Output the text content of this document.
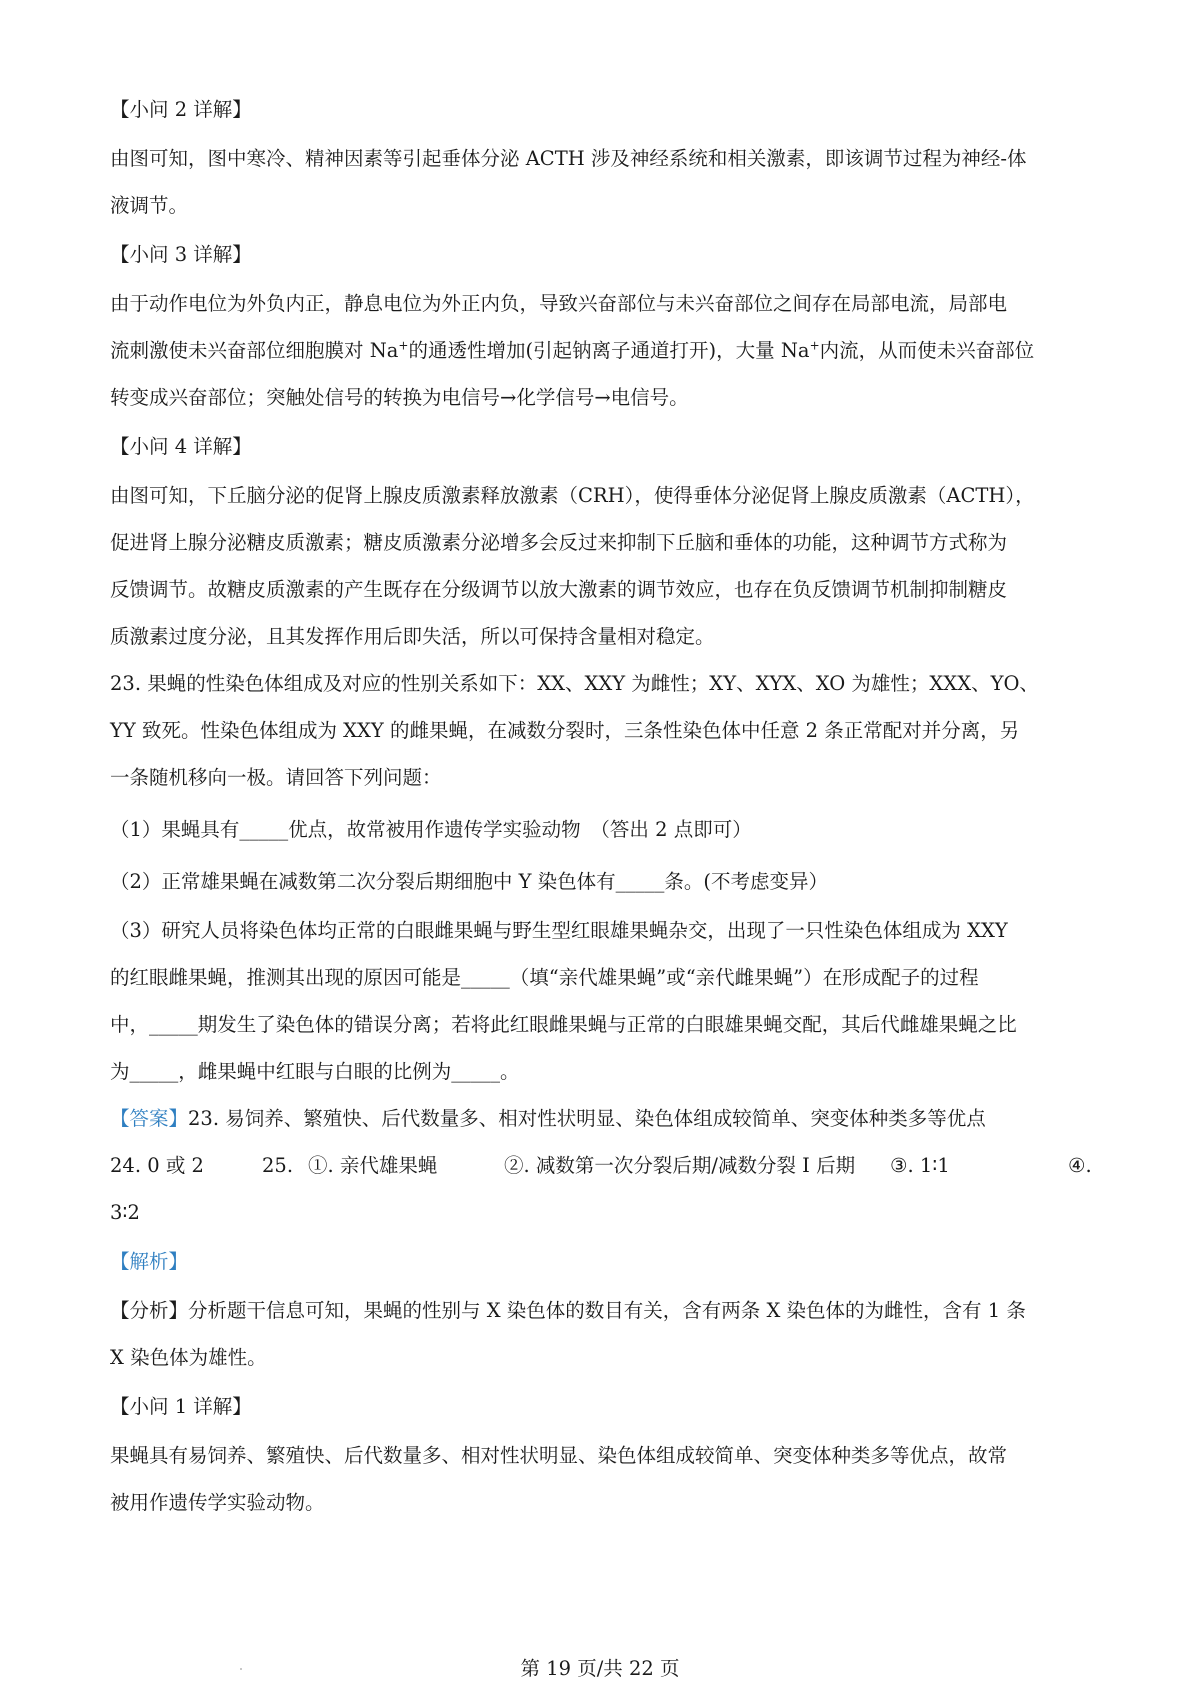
【小问 2 详解】

由图可知，图中寒冷、精神因素等引起垂体分泌 ACTH 涉及神经系统和相关激素，即该调节过程为神经-体

液调节。

【小问 3 详解】

由于动作电位为外负内正，静息电位为外正内负，导致兴奋部位与未兴奋部位之间存在局部电流，局部电

流刺激使未兴奋部位细胞膜对 Na+的通透性增加(引起钠离子通道打开)，大量 Na+内流，从而使未兴奋部位

转变成兴奋部位；突触处信号的转换为电信号→化学信号→电信号。

【小问 4 详解】

由图可知，下丘脑分泌的促肾上腺皮质激素释放激素（CRH），使得垂体分泌促肾上腺皮质激素（ACTH），

促进肾上腺分泌糖皮质激素；糖皮质激素分泌增多会反过来抑制下丘脑和垂体的功能，这种调节方式称为

反馈调节。故糖皮质激素的产生既存在分级调节以放大激素的调节效应，也存在负反馈调节机制抑制糖皮

质激素过度分泌，且其发挥作用后即失活，所以可保持含量相对稳定。

23. 果蝇的性染色体组成及对应的性别关系如下：XX、XXY 为雌性；XY、XYX、XO 为雄性；XXX、YO、

YY 致死。性染色体组成为 XXY 的雌果蝇，在减数分裂时，三条性染色体中任意 2 条正常配对并分离，另

一条随机移向一极。请回答下列问题：

（1）果蝇具有_____优点，故常被用作遗传学实验动物　（答出 2 点即可）

（2）正常雄果蝇在减数第二次分裂后期细胞中 Y 染色体有_____条。(不考虑变异）

（3）研究人员将染色体均正常的白眼雌果蝇与野生型红眼雄果蝇杂交，出现了一只性染色体组成为 XXY

的红眼雌果蝇，推测其出现的原因可能是_____（填“亲代雄果蝇”或“亲代雌果蝇”）在形成配子的过程

中，_____期发生了染色体的错误分离；若将此红眼雌果蝇与正常的白眼雄果蝇交配，其后代雌雄果蝇之比

为_____，雌果蝇中红眼与白眼的比例为_____。

【答案】23. 易饲养、繁殖快、后代数量多、相对性状明显、染色体组成较简单、突变体种类多等优点

24. 0 或 2	25. ①. 亲代雄果蝇	②. 减数第一次分裂后期/减数分裂 I 后期 ③. 1∶1	④.

3∶2

【解析】

【分析】分析题干信息可知，果蝇的性别与 X 染色体的数目有关，含有两条 X 染色体的为雌性，含有 1 条

X 染色体为雄性。

【小问 1 详解】

果蝇具有易饲养、繁殖快、后代数量多、相对性状明显、染色体组成较简单、突变体种类多等优点，故常

被用作遗传学实验动物。

第 19 页/共 22 页
